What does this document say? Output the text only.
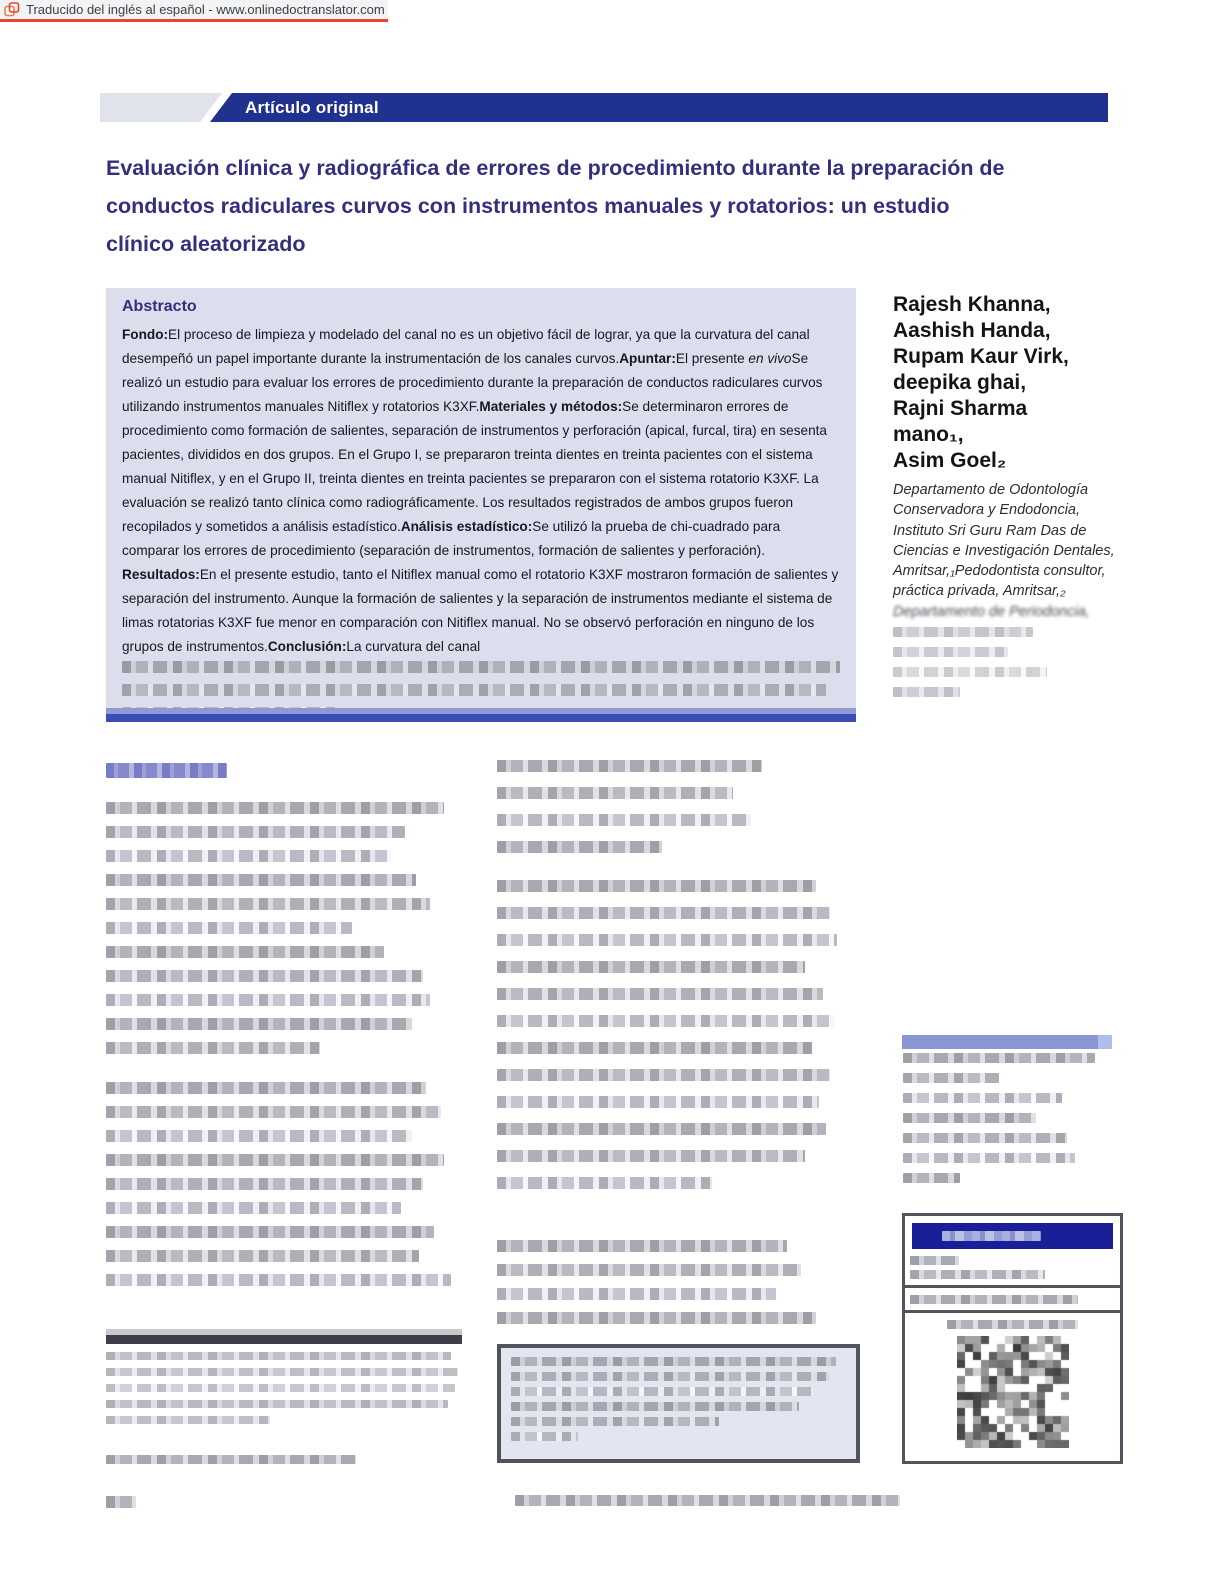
Traducido del inglés al español - www.onlinedoctranslator.com
Artículo original
Evaluación clínica y radiográfica de errores de procedimiento durante la preparación de
conductos radiculares curvos con instrumentos manuales y rotatorios: un estudio
clínico aleatorizado
Abstracto
Fondo:El proceso de limpieza y modelado del canal no es un objetivo fácil de lograr, ya que la curvatura del canal desempeñó un papel importante durante la instrumentación de los canales curvos.Apuntar:El presente en vivoSe realizó un estudio para evaluar los errores de procedimiento durante la preparación de conductos radiculares curvos utilizando instrumentos manuales Nitiflex y rotatorios K3XF.Materiales y métodos:Se determinaron errores de procedimiento como formación de salientes, separación de instrumentos y perforación (apical, furcal, tira) en sesenta pacientes, divididos en dos grupos. En el Grupo I, se prepararon treinta dientes en treinta pacientes con el sistema manual Nitiflex, y en el Grupo II, treinta dientes en treinta pacientes se prepararon con el sistema rotatorio K3XF. La evaluación se realizó tanto clínica como radiográficamente. Los resultados registrados de ambos grupos fueron recopilados y sometidos a análisis estadístico.Análisis estadístico:Se utilizó la prueba de chi-cuadrado para comparar los errores de procedimiento (separación de instrumentos, formación de salientes y perforación). Resultados:En el presente estudio, tanto el Nitiflex manual como el rotatorio K3XF mostraron formación de salientes y separación del instrumento. Aunque la formación de salientes y la separación de instrumentos mediante el sistema de limas rotatorias K3XF fue menor en comparación con Nitiflex manual. No se observó perforación en ninguno de los grupos de instrumentos.Conclusión:La curvatura del canal
Rajesh Khanna,
Aashish Handa,
Rupam Kaur Virk,
deepika ghai,
Rajni Sharma
mano₁,
Asim Goel₂
Departamento de Odontología
Conservadora y Endodoncia,
Instituto Sri Guru Ram Das de
Ciencias e Investigación Dentales,
Amritsar,₁Pedodontista consultor,
práctica privada, Amritsar,₂
Departamento de Periodoncia,
